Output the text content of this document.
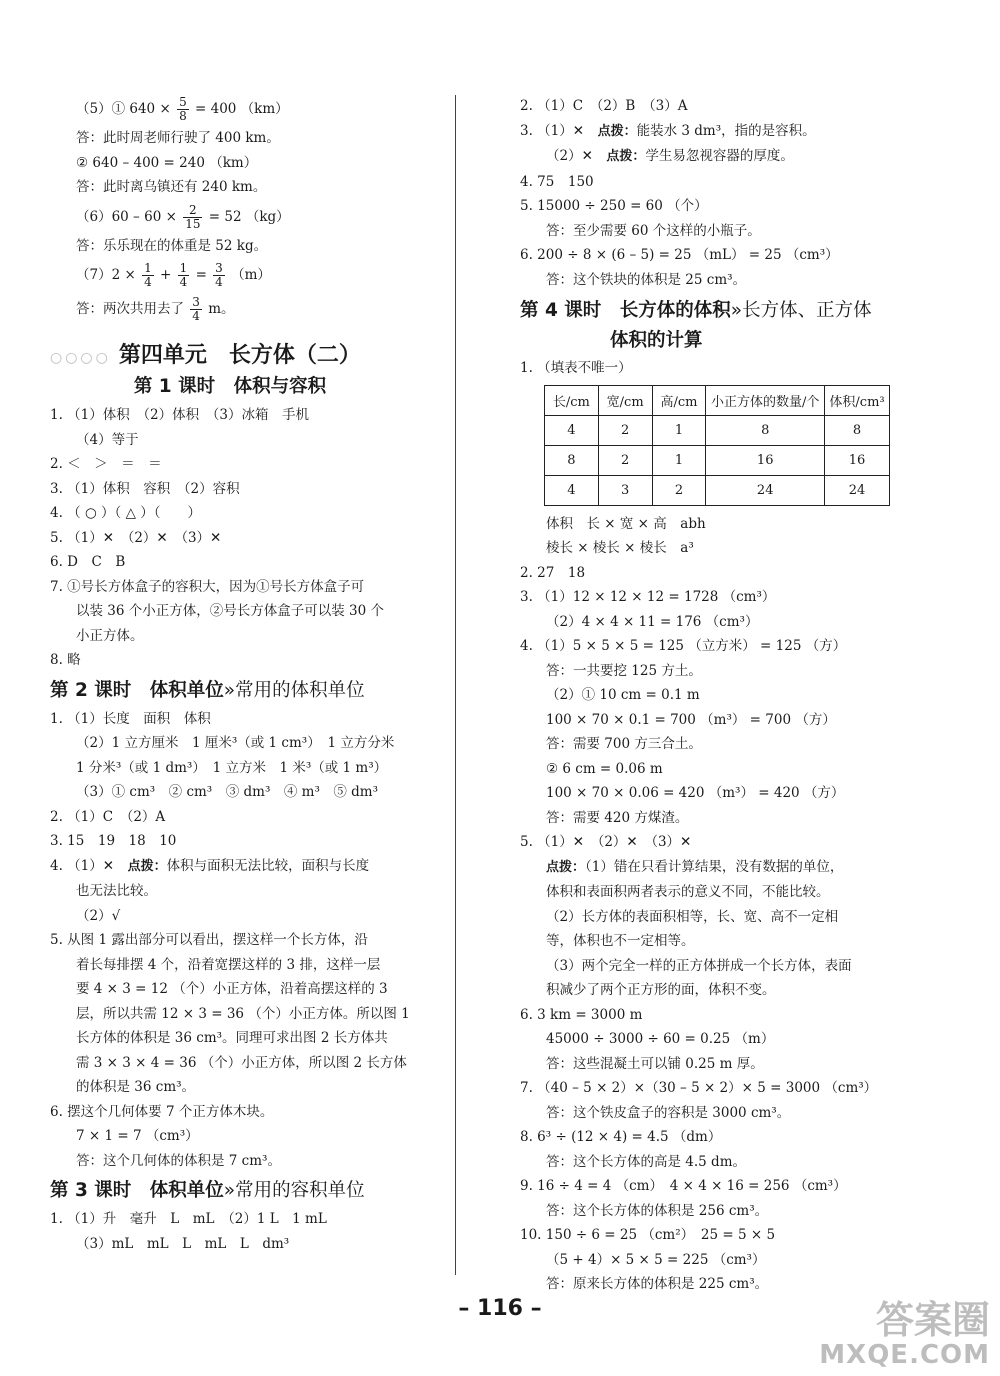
（5）① $640 \times \frac{5}{8} = 400$ （km）
答：此时周老师行驶了 400 km。
② 640 – 400 = 240 （km）
答：此时离乌镇还有 240 km。
$(6)60 - 60 \times \frac{2}{15} = 52$ （kg）
答：乐乐现在的体重是 52 kg。
$(7)2 \times \frac{1}{4} + \frac{1}{4} = \frac{3}{4} (m)$
答：两次共用去了 $\frac{3}{4}$ m。
○○○○ 第四单元　长方体（二）
第 1 课时　体积与容积
1. （1）体积　（2）体积　（3）冰箱　手机
（4）等于
2. ＜　＞　＝　＝
3. （1）体积　容积　（2）容积
4. （ ○ ）（ △ ）（　　）
5. （1）✕　（2）✕　（3）✕
6. D　C　B
7. ①号长方体盒子的容积大，因为①号长方体盒子可
以装 36 个小正方体，②号长方体盒子可以装 30 个
小正方体。
8. 略
第 2 课时　体积单位»常用的体积单位
1. （1）长度　面积　体积
（2）1 立方厘米　1 厘米³（或 1 cm³）　1 立方分米
1 分米³（或 1 dm³）　1 立方米　1 米³（或 1 m³）
（3）① cm³　② cm³　③ dm³　④ m³　⑤ dm³
2. （1）C　（2）A
3. 15　19　18　10
4. （1）✕　点拨：体积与面积无法比较，面积与长度
也无法比较。
（2）√
5. 从图 1 露出部分可以看出，摆这样一个长方体，沿
着长每排摆 4 个，沿着宽摆这样的 3 排，这样一层
要 4 × 3 = 12 （个）小正方体，沿着高摆这样的 3
层，所以共需 12 × 3 = 36 （个）小正方体。所以图 1
长方体的体积是 36 cm³。同理可求出图 2 长方体共
需 3 × 3 × 4 = 36 （个）小正方体，所以图 2 长方体
的体积是 36 cm³。
6. 摆这个几何体要 7 个正方体木块。
7 × 1 = 7 （cm³）
答：这个几何体的体积是 7 cm³。
第 3 课时　体积单位»常用的容积单位
1. （1）升　毫升　L　mL　（2）1 L　1 mL
（3）mL　mL　L　mL　L　dm³
2. （1）C　（2）B　（3）A
3. （1）✕　点拨：能装水 3 dm³，指的是容积。
（2）✕　点拨：学生易忽视容器的厚度。
4. 75　150
5. 15000 ÷ 250 = 60 （个）
答：至少需要 60 个这样的小瓶子。
6. 200 ÷ 8 × (6 – 5) = 25 （mL） = 25 （cm³）
答：这个铁块的体积是 25 cm³。
第 4 课时　长方体的体积»长方体、正方体
体积的计算
1. （填表不唯一）
长/cm	宽/cm	高/cm	小正方体的数量/个	体积/cm³
4	2	1	8	8
8	2	1	16	16
4	3	2	24	24
体积　长 × 宽 × 高　abh
棱长 × 棱长 × 棱长　a³
2. 27　18
3. （1）12 × 12 × 12 = 1728 （cm³）
（2）4 × 4 × 11 = 176 （cm³）
4. （1）5 × 5 × 5 = 125 （立方米） = 125 （方）
答：一共要挖 125 方土。
（2）① 10 cm = 0.1 m
100 × 70 × 0.1 = 700 （m³） = 700 （方）
答：需要 700 方三合土。
② 6 cm = 0.06 m
100 × 70 × 0.06 = 420 （m³） = 420 （方）
答：需要 420 方煤渣。
5. （1）✕　（2）✕　（3）✕
点拨：（1）错在只看计算结果，没有数据的单位，
体积和表面积两者表示的意义不同，不能比较。
（2）长方体的表面积相等，长、宽、高不一定相
等，体积也不一定相等。
（3）两个完全一样的正方体拼成一个长方体，表面
积减少了两个正方形的面，体积不变。
6. 3 km = 3000 m
45000 ÷ 3000 ÷ 60 = 0.25 （m）
答：这些混凝土可以铺 0.25 m 厚。
7. （40 – 5 × 2）×（30 – 5 × 2）× 5 = 3000 （cm³）
答：这个铁皮盒子的容积是 3000 cm³。
8. 6³ ÷ (12 × 4) = 4.5 （dm）
答：这个长方体的高是 4.5 dm。
9. 16 ÷ 4 = 4 （cm）　4 × 4 × 16 = 256 （cm³）
答：这个长方体的体积是 256 cm³。
10. 150 ÷ 6 = 25 （cm²）　25 = 5 × 5
（5 + 4）× 5 × 5 = 225 （cm³）
答：原来长方体的体积是 225 cm³。
– 116 –	答案圈
MXQE.COM
